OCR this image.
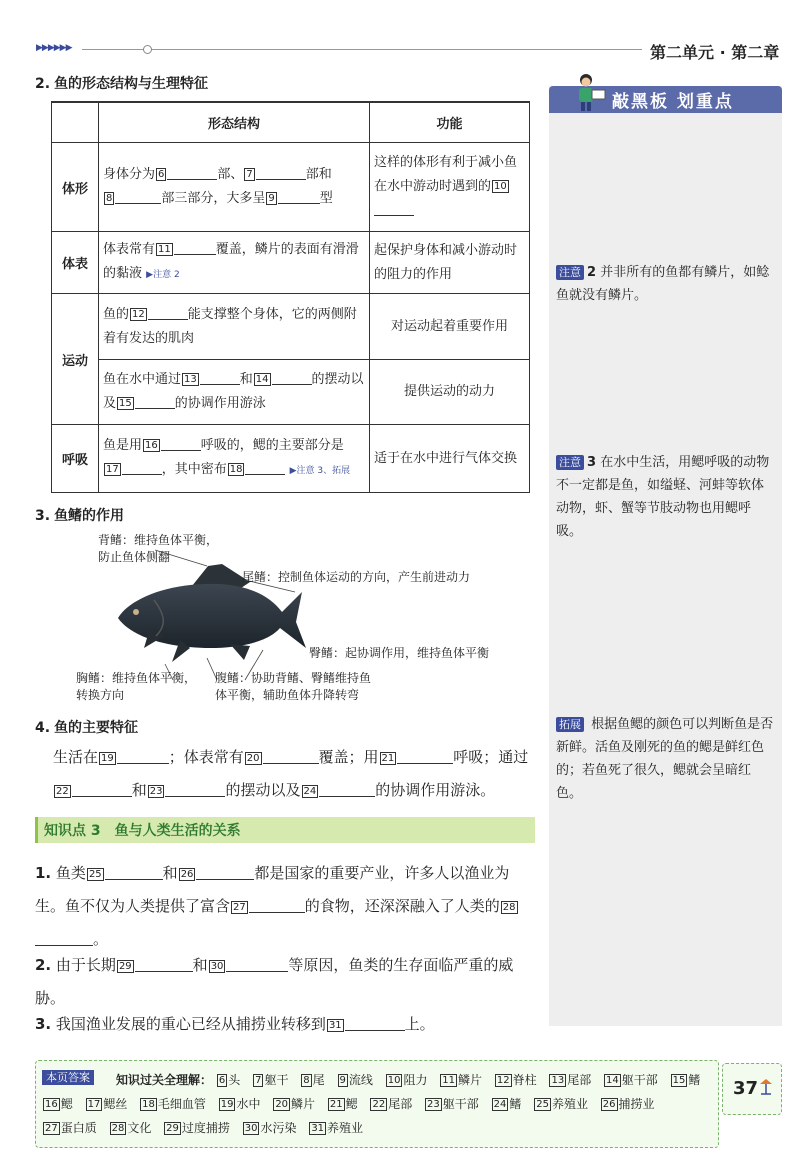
▶▶▶▶▶▶	第二单元 · 第二章
敲黑板 划重点
注意 2 并非所有的鱼都有鳞片，如鲶鱼就没有鳞片。
注意 3 在水中生活，用鳃呼吸的动物不一定都是鱼，如缢蛏、河蚌等软体动物，虾、蟹等节肢动物也用鳃呼吸。
拓展 根据鱼鳃的颜色可以判断鱼是否新鲜。活鱼及刚死的鱼的鳃是鲜红色的；若鱼死了很久，鳃就会呈暗红色。
2. 鱼的形态结构与生理特征
	形态结构	功能
体形	身体分为 6 部、 7 部和
8 部三部分，大多呈 9 型	这样的体形有利于减小鱼在水中游动时遇到的 10
体表	体表常有 11 覆盖，鳞片的表面有滑滑的黏液 ▶注意 2	起保护身体和减小游动时的阻力的作用
运动	鱼的 12 能支撑整个身体，它的两侧附着有发达的肌肉	对运动起着重要作用
	鱼在水中通过 13 和 14 的摆动以及 15 的协调作用游泳	提供运动的动力
呼吸	鱼是用 16 呼吸的，鳃的主要部分是
17 ，其中密布 18 ▶注意 3、拓展	适于在水中进行气体交换
3. 鱼鳍的作用
背鳍：维持鱼体平衡，
防止鱼体侧翻
尾鳍：控制鱼体运动的方向，产生前进动力
臀鳍：起协调作用，维持鱼体平衡
胸鳍：维持鱼体平衡，
转换方向
腹鳍：协助背鳍、臀鳍维持鱼
体平衡，辅助鱼体升降转弯
4. 鱼的主要特征
生活在 19	；体表常有 20	覆盖；用 21	呼吸；通过
22	和 23	的摆动以及 24	的协调作用游泳。
知识点 3　鱼与人类生活的关系
1. 鱼类 25	和 26	都是国家的重要产业，许多人以渔业为生。鱼不仅为人类提供了富含 27	的食物，还深深融入了人类的 28。
2. 由于长期 29	和 30	等原因，鱼类的生存面临严重的威胁。
3. 我国渔业发展的重心已经从捕捞业转移到 31	上。
本页答案	知识过关全理解： 6 头 7 躯干 8 尾 9 流线 10 阻力 11 鳞片 12 脊柱 13 尾部 14 躯干部 15 鳍 16 鳃 17 鳃丝 18 毛细血管 19 水中 20 鳞片 21 鳃 22 尾部 23 躯干部 24 鳍 25 养殖业 26 捕捞业 27 蛋白质 28 文化 29 过度捕捞 30 水污染 31 养殖业
37
